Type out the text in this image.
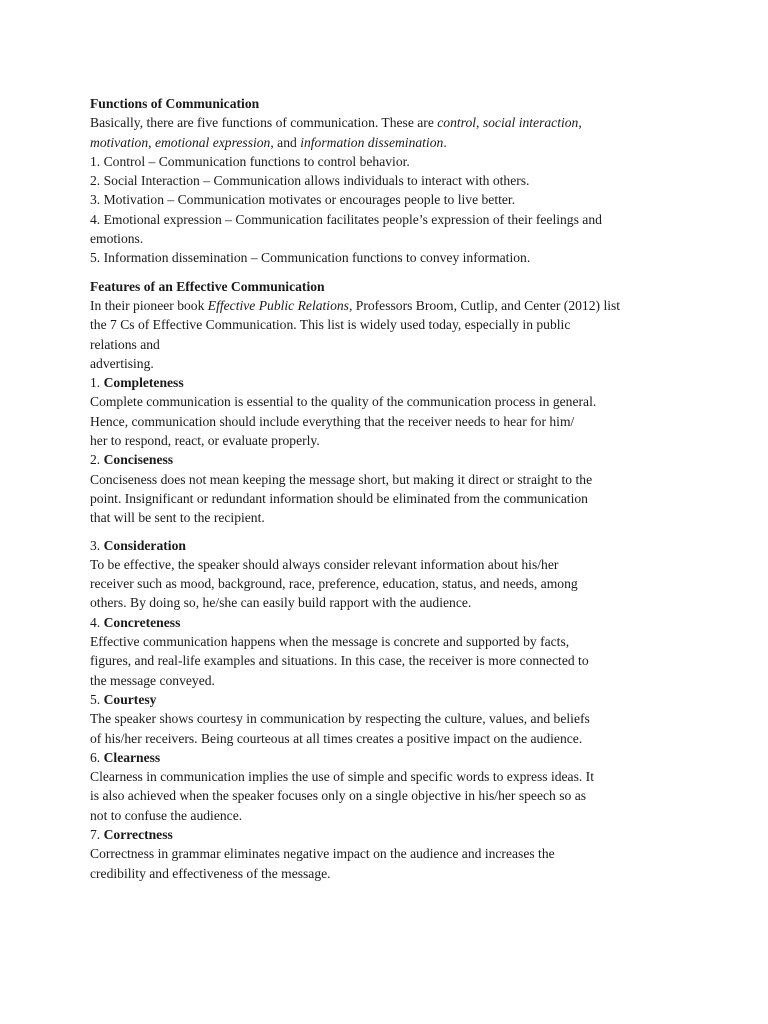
Functions of Communication

Basically, there are five functions of communication. These are control, social interaction,

motivation, emotional expression, and information dissemination.

1. Control – Communication functions to control behavior.

2. Social Interaction – Communication allows individuals to interact with others.

3. Motivation – Communication motivates or encourages people to live better.

4. Emotional expression – Communication facilitates people’s expression of their feelings and

emotions.

5. Information dissemination – Communication functions to convey information.

Features of an Effective Communication

In their pioneer book Effective Public Relations, Professors Broom, Cutlip, and Center (2012) list

the 7 Cs of Effective Communication. This list is widely used today, especially in public

relations and

advertising.

1. Completeness

Complete communication is essential to the quality of the communication process in general.

Hence, communication should include everything that the receiver needs to hear for him/

her to respond, react, or evaluate properly.

2. Conciseness

Conciseness does not mean keeping the message short, but making it direct or straight to the

point. Insignificant or redundant information should be eliminated from the communication

that will be sent to the recipient.

3. Consideration

To be effective, the speaker should always consider relevant information about his/her

receiver such as mood, background, race, preference, education, status, and needs, among

others. By doing so, he/she can easily build rapport with the audience.

4. Concreteness

Effective communication happens when the message is concrete and supported by facts,

figures, and real-life examples and situations. In this case, the receiver is more connected to

the message conveyed.

5. Courtesy

The speaker shows courtesy in communication by respecting the culture, values, and beliefs

of his/her receivers. Being courteous at all times creates a positive impact on the audience.

6. Clearness

Clearness in communication implies the use of simple and specific words to express ideas. It

is also achieved when the speaker focuses only on a single objective in his/her speech so as

not to confuse the audience.

7. Correctness

Correctness in grammar eliminates negative impact on the audience and increases the

credibility and effectiveness of the message.
